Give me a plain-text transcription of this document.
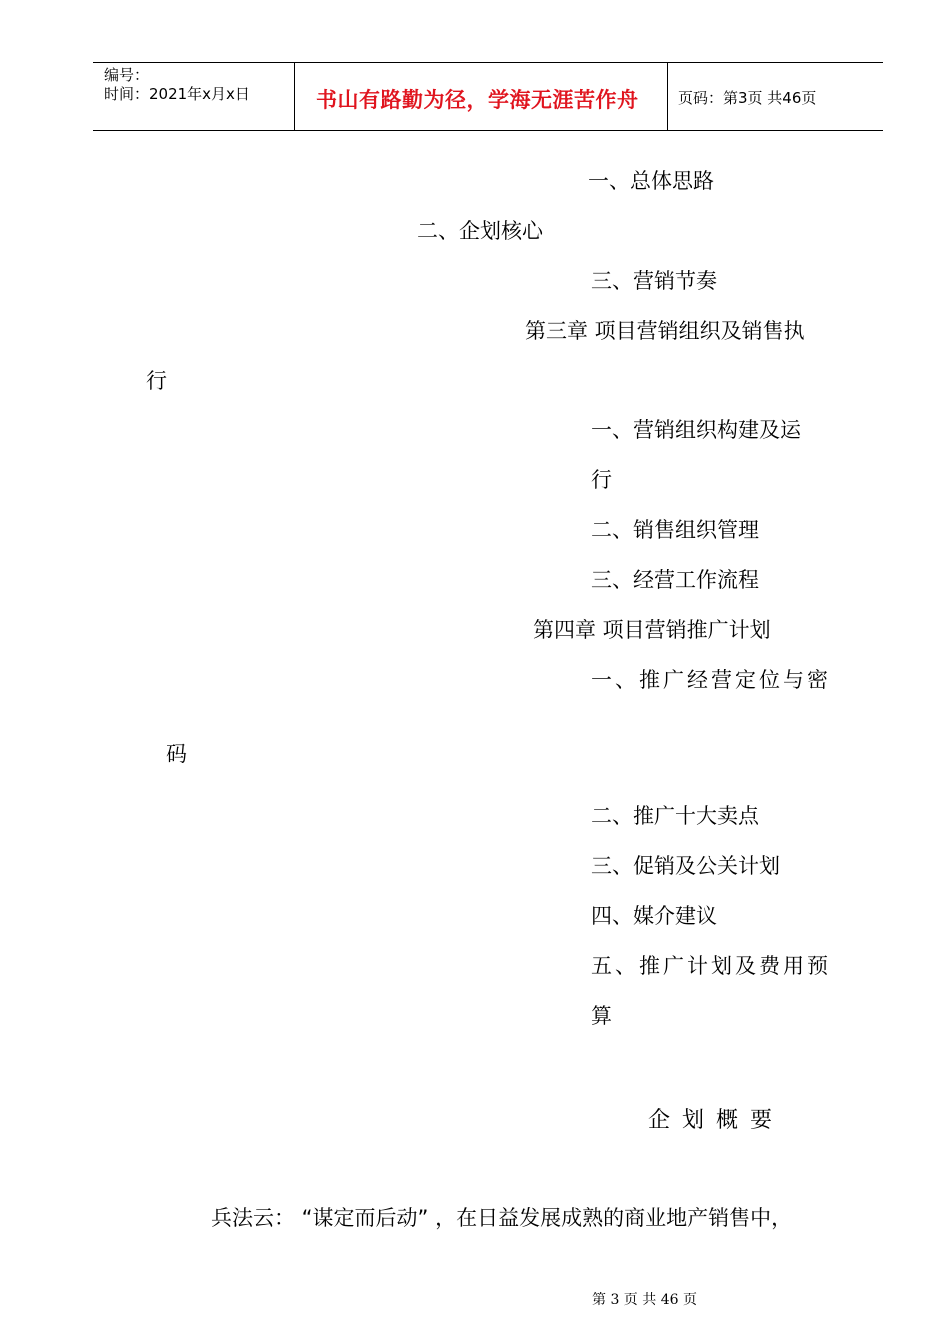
编号：
时间：2021年x月x日	书山有路勤为径，学海无涯苦作舟	页码：第3页 共46页
一、总体思路
二、企划核心
三、营销节奏
第三章 项目营销组织及销售执
行
一、营销组织构建及运
行
二、销售组织管理
三、经营工作流程
第四章 项目营销推广计划
一、推广经营定位与密
码
二、推广十大卖点
三、促销及公关计划
四、媒介建议
五、推广计划及费用预
算
企划概要
兵法云： “谋定而后动” ，在日益发展成熟的商业地产销售中，
第 3 页 共 46 页
